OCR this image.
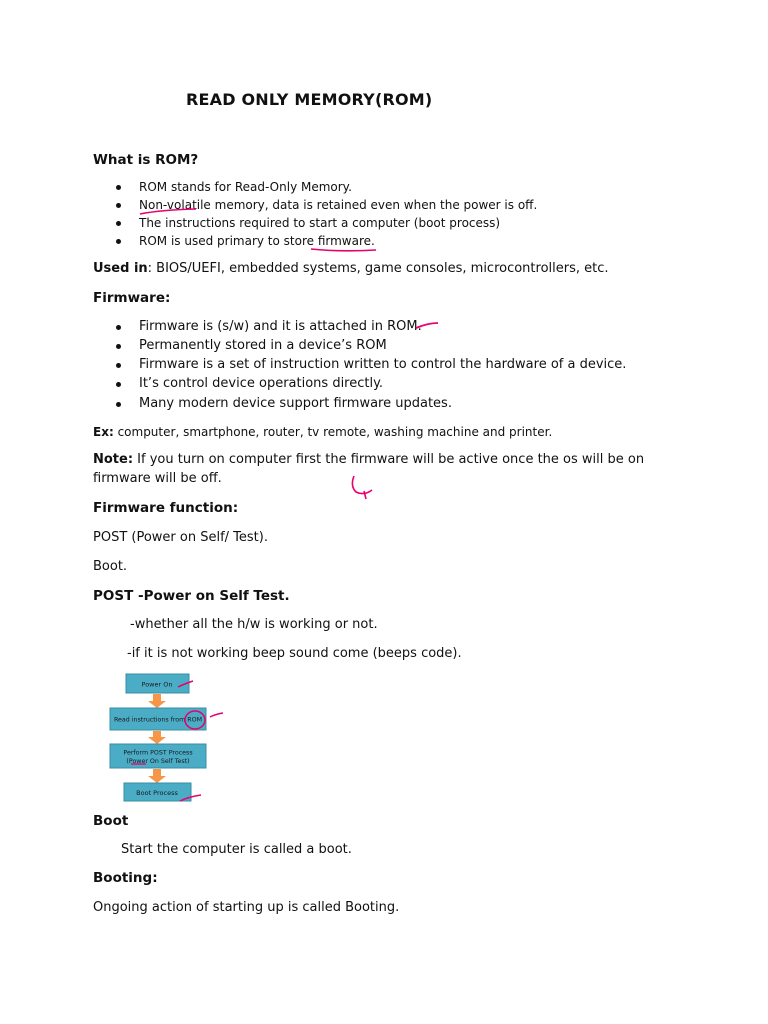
READ ONLY MEMORY(ROM)
What is ROM?
ROM stands for Read-Only Memory.
Non-volatile memory, data is retained even when the power is off.
The instructions required to start a computer (boot process)
ROM is used primary to store firmware.
Used in: BIOS/UEFI, embedded systems, game consoles, microcontrollers, etc.
Firmware:
Firmware is (s/w) and it is attached in ROM.
Permanently stored in a device’s ROM
Firmware is a set of instruction written to control the hardware of a device.
It’s control device operations directly.
Many modern device support firmware updates.
Ex: computer, smartphone, router, tv remote, washing machine and printer.
Note: If you turn on computer first the firmware will be active once the os will be on
firmware will be off.
Firmware function:
POST (Power on Self/ Test).
Boot.
POST -Power on Self Test.
-whether all the h/w is working or not.
-if it is not working beep sound come (beeps code).
Power On
Read instructions from ROM
Perform POST Process
(Power On Self Test)
Boot Process
Boot
Start the computer is called a boot.
Booting:
Ongoing action of starting up is called Booting.
